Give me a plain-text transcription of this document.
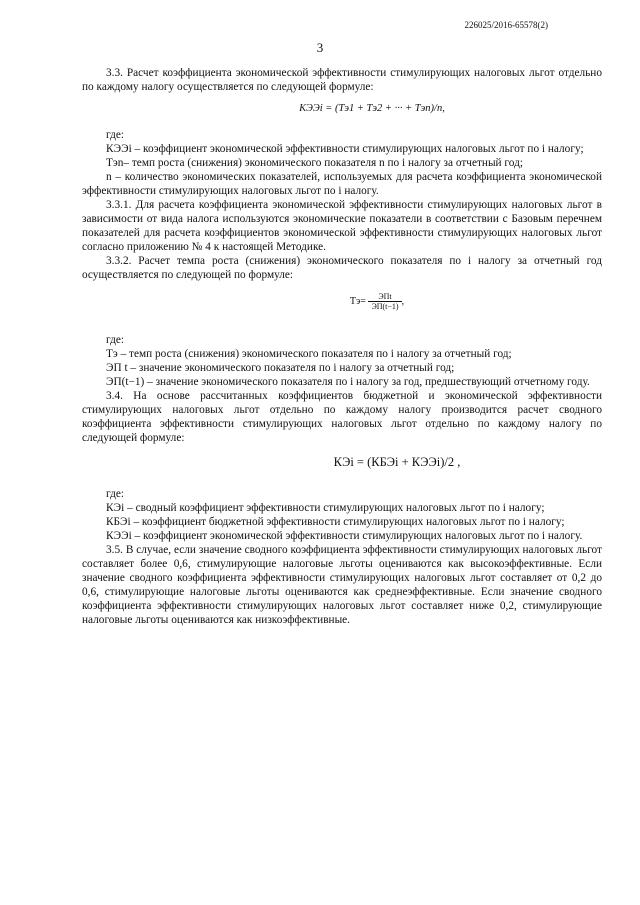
226025/2016-65578(2)
3

3.3. Расчет коэффициента экономической эффективности стимулирующих налоговых льгот отдельно по каждому налогу осуществляется по следующей формуле:

КЭЭi = (Тэ1 + Тэ2 + ··· + Тэn)/n,

где:

КЭЭi – коэффициент экономической эффективности стимулирующих налоговых льгот по i налогу;

Тэn– темп роста (снижения) экономического показателя n по i налогу за отчетный год;

n – количество экономических показателей, используемых для расчета коэффициента экономической эффективности стимулирующих налоговых льгот по i налогу.

3.3.1. Для расчета коэффициента экономической эффективности стимулирующих налоговых льгот в зависимости от вида налога используются экономические показатели в соответствии с Базовым перечнем показателей для расчета коэффициентов экономической эффективности стимулирующих налоговых льгот согласно приложению № 4 к настоящей Методике.

3.3.2. Расчет темпа роста (снижения) экономического показателя по i налогу за отчетный год осуществляется по следующей по формуле:

$Тэ= \frac{\text{ЭПt}}{ЭП(t-1)}$ ,

где:

Тэ – темп роста (снижения) экономического показателя по i налогу за отчетный год;

ЭП t – значение экономического показателя по i налогу за отчетный год;

ЭП(t−1) – значение экономического показателя по i налогу за год, предшествующий отчетному году.

3.4. На основе рассчитанных коэффициентов бюджетной и экономической эффективности стимулирующих налоговых льгот отдельно по каждому налогу производится расчет сводного коэффициента эффективности стимулирующих налоговых льгот отдельно по каждому налогу по следующей формуле:

КЭi = (КБЭi + КЭЭi)/2 ,

где:

КЭi – сводный коэффициент эффективности стимулирующих налоговых льгот по i налогу;

КБЭi – коэффициент бюджетной эффективности стимулирующих налоговых льгот по i налогу;

КЭЭi – коэффициент экономической эффективности стимулирующих налоговых льгот по i налогу.

3.5. В случае, если значение сводного коэффициента эффективности стимулирующих налоговых льгот составляет более 0,6, стимулирующие налоговые льготы оцениваются как высокоэффективные. Если значение сводного коэффициента эффективности стимулирующих налоговых льгот составляет от 0,2 до 0,6, стимулирующие налоговые льготы оцениваются как среднеэффективные. Если значение сводного коэффициента эффективности стимулирующих налоговых льгот составляет ниже 0,2, стимулирующие налоговые льготы оцениваются как низкоэффективные.
